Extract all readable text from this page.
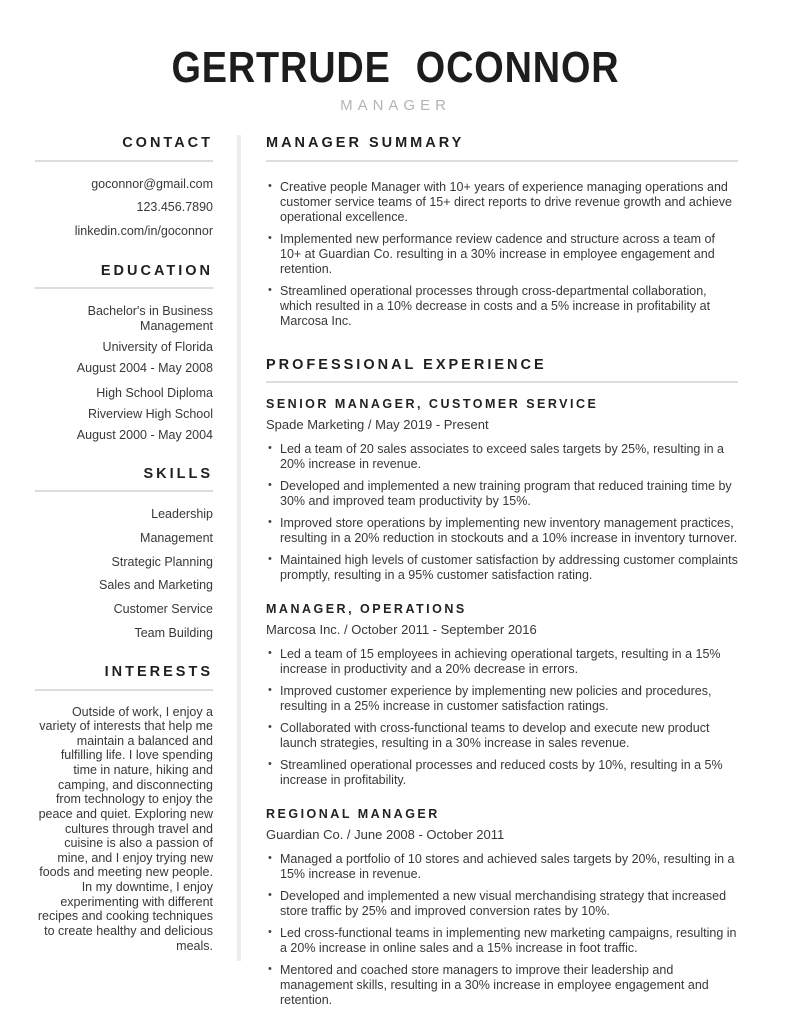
GERTRUDE OCONNOR
MANAGER
CONTACT
goconnor@gmail.com
123.456.7890
linkedin.com/in/goconnor
EDUCATION
Bachelor's in Business Management
University of Florida
August 2004 - May 2008
High School Diploma
Riverview High School
August 2000 - May 2004
SKILLS
Leadership
Management
Strategic Planning
Sales and Marketing
Customer Service
Team Building
INTERESTS
Outside of work, I enjoy a variety of interests that help me maintain a balanced and fulfilling life. I love spending time in nature, hiking and camping, and disconnecting from technology to enjoy the peace and quiet. Exploring new cultures through travel and cuisine is also a passion of mine, and I enjoy trying new foods and meeting new people. In my downtime, I enjoy experimenting with different recipes and cooking techniques to create healthy and delicious meals.
MANAGER SUMMARY
• Creative people Manager with 10+ years of experience managing operations and customer service teams of 15+ direct reports to drive revenue growth and achieve operational excellence.
• Implemented new performance review cadence and structure across a team of 10+ at Guardian Co. resulting in a 30% increase in employee engagement and retention.
• Streamlined operational processes through cross-departmental collaboration, which resulted in a 10% decrease in costs and a 5% increase in profitability at Marcosa Inc.
PROFESSIONAL EXPERIENCE
SENIOR MANAGER, CUSTOMER SERVICE

Spade Marketing / May 2019 - Present

• Led a team of 20 sales associates to exceed sales targets by 25%, resulting in a 20% increase in revenue.
• Developed and implemented a new training program that reduced training time by 30% and improved team productivity by 15%.
• Improved store operations by implementing new inventory management practices, resulting in a 20% reduction in stockouts and a 10% increase in inventory turnover.
• Maintained high levels of customer satisfaction by addressing customer complaints promptly, resulting in a 95% customer satisfaction rating.
MANAGER, OPERATIONS

Marcosa Inc. / October 2011 - September 2016

• Led a team of 15 employees in achieving operational targets, resulting in a 15% increase in productivity and a 20% decrease in errors.
• Improved customer experience by implementing new policies and procedures, resulting in a 25% increase in customer satisfaction ratings.
• Collaborated with cross-functional teams to develop and execute new product launch strategies, resulting in a 30% increase in sales revenue.
• Streamlined operational processes and reduced costs by 10%, resulting in a 5% increase in profitability.
REGIONAL MANAGER

Guardian Co. / June 2008 - October 2011

• Managed a portfolio of 10 stores and achieved sales targets by 20%, resulting in a 15% increase in revenue.
• Developed and implemented a new visual merchandising strategy that increased store traffic by 25% and improved conversion rates by 10%.
• Led cross-functional teams in implementing new marketing campaigns, resulting in a 20% increase in online sales and a 15% increase in foot traffic.
• Mentored and coached store managers to improve their leadership and management skills, resulting in a 30% increase in employee engagement and retention.
